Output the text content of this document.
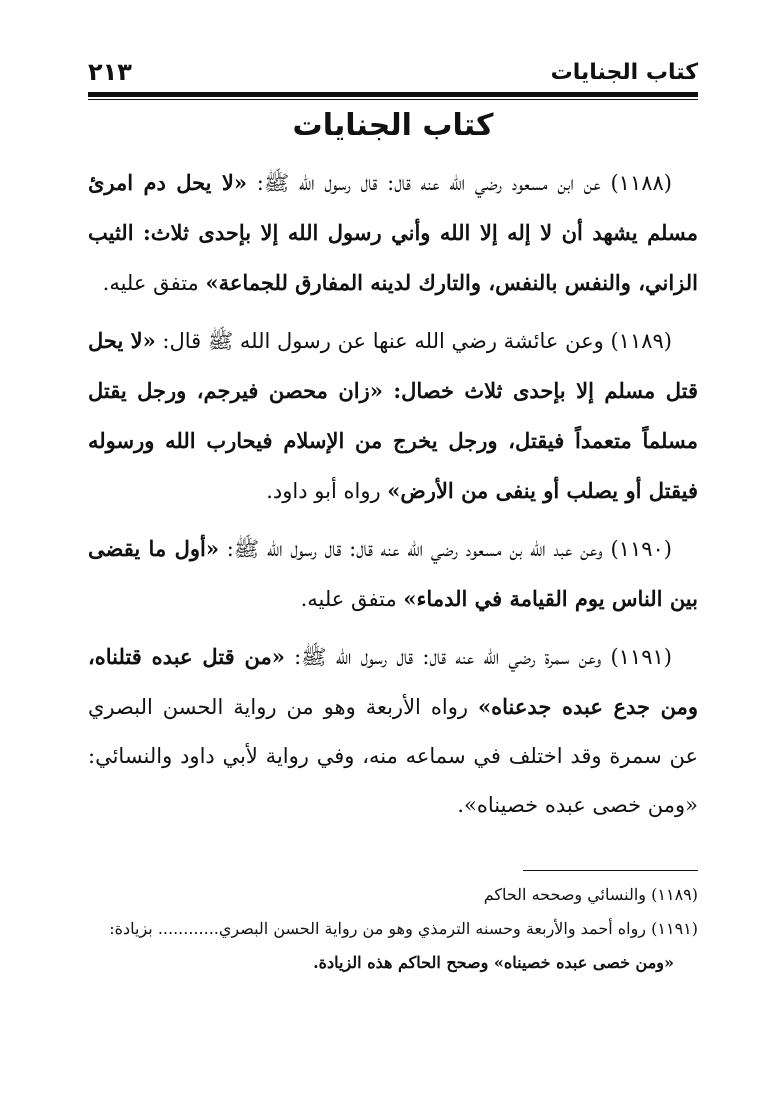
كتاب الجنايات
٢١٣
كتاب الجنايات

(١١٨٨) عن ابن مسعود رضي الله عنه قال: قال رسول الله ﷺ: «لا يحل دم امرئ مسلم يشهد أن لا إله إلا الله وأني رسول الله إلا بإحدى ثلاث: الثيب الزاني، والنفس بالنفس، والتارك لدينه المفارق للجماعة» متفق عليه.

(١١٨٩) وعن عائشة رضي الله عنها عن رسول الله ﷺ قال: «لا يحل قتل مسلم إلا بإحدى ثلاث خصال: «زان محصن فيرجم، ورجل يقتل مسلماً متعمداً فيقتل، ورجل يخرج من الإسلام فيحارب الله ورسوله فيقتل أو يصلب أو ينفى من الأرض» رواه أبو داود.

(١١٩٠) وعن عبد الله بن مسعود رضي الله عنه قال: قال رسول الله ﷺ: «أول ما يقضى بين الناس يوم القيامة في الدماء» متفق عليه.

(١١٩١) وعن سمرة رضي الله عنه قال: قال رسول الله ﷺ: «من قتل عبده قتلناه، ومن جدع عبده جدعناه» رواه الأربعة وهو من رواية الحسن البصري عن سمرة وقد اختلف في سماعه منه، وفي رواية لأبي داود والنسائي: «ومن خصى عبده خصيناه».

(١١٨٩) والنسائي وصححه الحاكم

(١١٩١) رواه أحمد والأربعة وحسنه الترمذي وهو من رواية الحسن البصري............ بزيادة:

«ومن خصى عبده خصيناه» وصحح الحاكم هذه الزيادة.
